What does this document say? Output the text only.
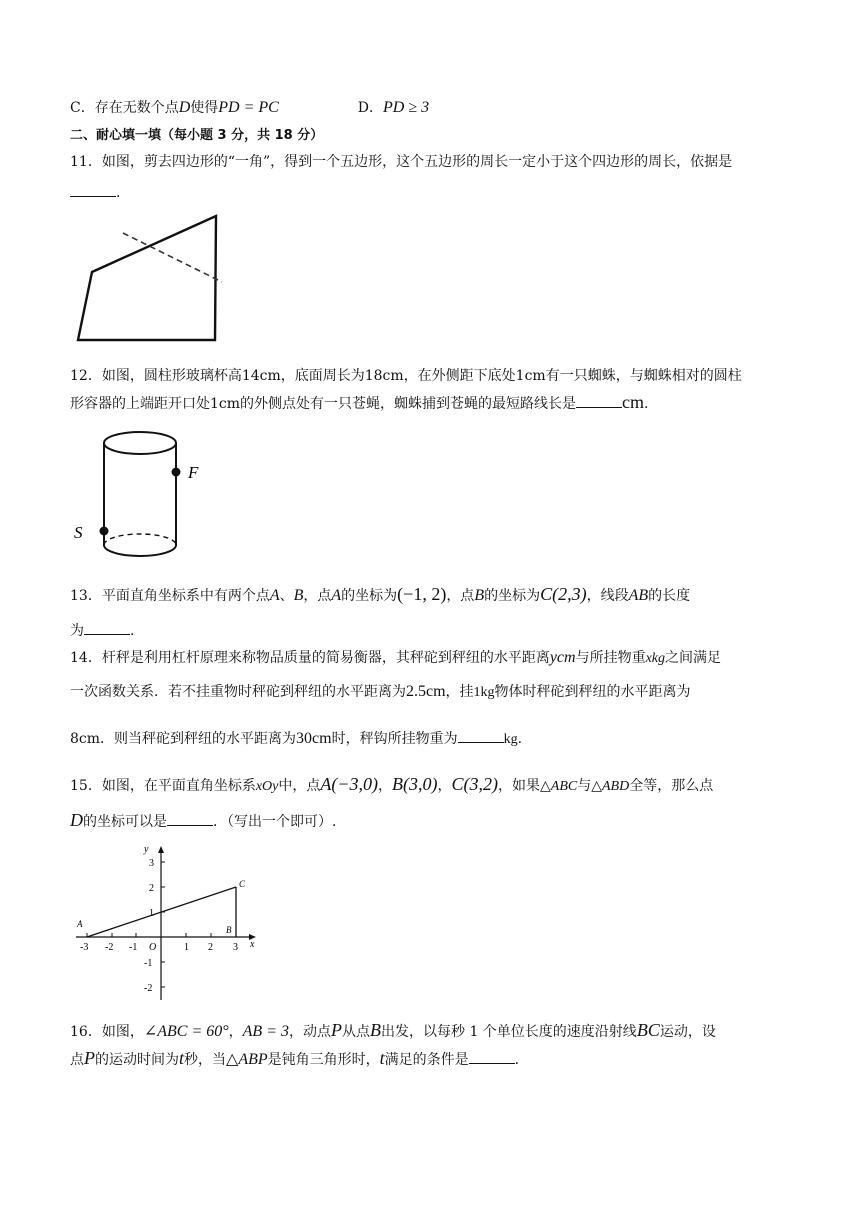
C．存在无数个点D使得PD = PC	D．PD ≥ 3
二、耐心填一填（每小题 3 分，共 18 分）
11．如图，剪去四边形的“一角”，得到一个五边形，这个五边形的周长一定小于这个四边形的周长，依据是
.
12．如图，圆柱形玻璃杯高14cm，底面周长为18cm，在外侧距下底处1cm有一只蜘蛛，与蜘蛛相对的圆柱
形容器的上端距开口处1cm的外侧点处有一只苍蝇，蜘蛛捕到苍蝇的最短路线长是	cm.
F
S
13．平面直角坐标系中有两个点A、B，点A的坐标为(−1, 2)，点B的坐标为C(2,3)，线段AB的长度
为	.
14．杆秤是利用杠杆原理来称物品质量的简易衡器，其秤砣到秤纽的水平距离ycm与所挂物重xkg之间满足
一次函数关系．若不挂重物时秤砣到秤纽的水平距离为2.5cm，挂1kg物体时秤砣到秤纽的水平距离为
8cm．则当秤砣到秤纽的水平距离为30cm时，秤钩所挂物重为	kg.
15．如图，在平面直角坐标系xOy中，点A(−3,0)，B(3,0)，C(3,2)，如果△ABC与△ABD全等，那么点
D的坐标可以是	．（写出一个即可）.
y
x
O
-3 -2 -1	1 2 3
3
2
1
-1
-2
A
B
C
16．如图，∠ABC = 60°，AB = 3，动点P从点B出发，以每秒 1 个单位长度的速度沿射线BC运动，设
点P的运动时间为t秒，当△ABP是钝角三角形时，t满足的条件是	.
